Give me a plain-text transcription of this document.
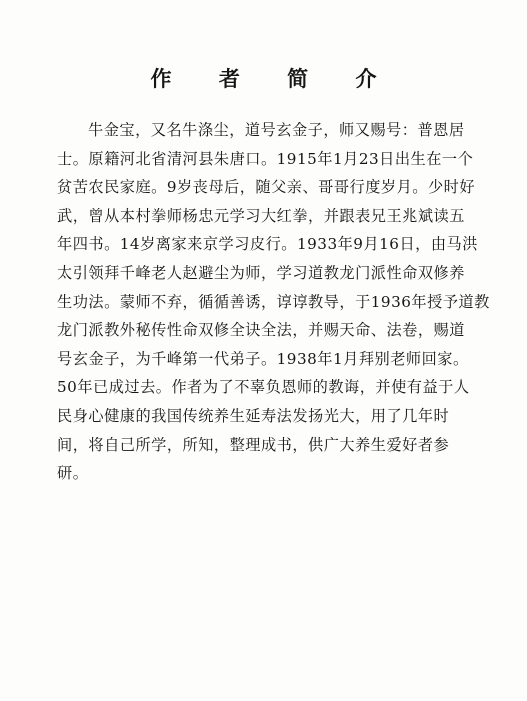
作 者 简 介
牛金宝，又名牛涤尘，道号玄金子，师又赐号：普恩居
士。原籍河北省清河县朱唐口。1915年1月23日出生在一个
贫苦农民家庭。9岁丧母后，随父亲、哥哥行度岁月。少时好
武，曾从本村拳师杨忠元学习大红拳，并跟表兄王兆斌读五
年四书。14岁离家来京学习皮行。1933年9月16日，由马洪
太引领拜千峰老人赵避尘为师，学习道教龙门派性命双修养
生功法。蒙师不弃，循循善诱，谆谆教导，于1936年授予道教
龙门派教外秘传性命双修全诀全法，并赐天命、法卷，赐道
号玄金子，为千峰第一代弟子。1938年1月拜别老师回家。
50年已成过去。作者为了不辜负恩师的教诲，并使有益于人
民身心健康的我国传统养生延寿法发扬光大，用了几年时
间，将自己所学，所知，整理成书，供广大养生爱好者参
研。
